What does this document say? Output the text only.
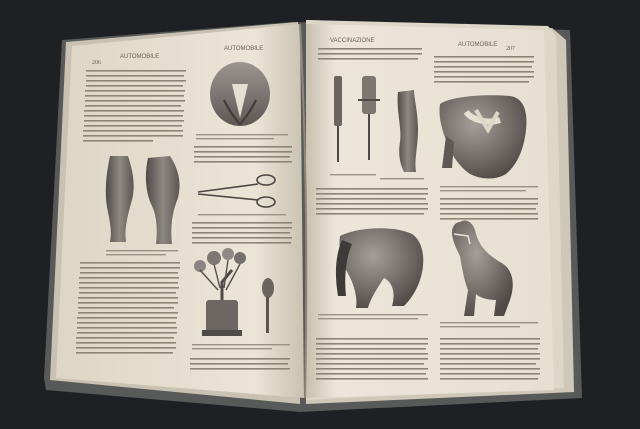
206
AUTOMOBILE
AUTOMOBILE
VACCINAZIONE
AUTOMOBILE
207
